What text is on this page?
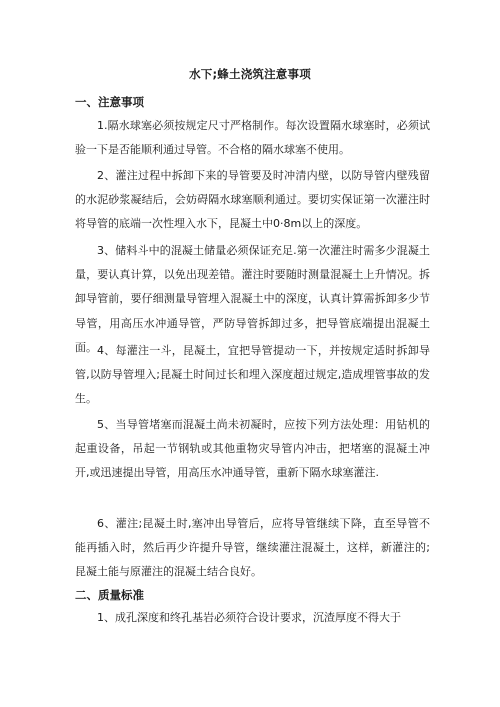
水下;蜂土浇筑注意事项
一、注意事项
1.隔水球塞必须按规定尺寸严格制作。每次设置隔水球塞时，必须试验一下是否能顺利通过导管。不合格的隔水球塞不使用。
2、灌注过程中拆卸下来的导管要及时冲清内壁，以防导管内壁残留的水泥砂浆凝结后，会妨碍隔水球塞顺利通过。要切实保证第一次灌注时将导管的底端一次性埋入水下，昆凝土中0·8m以上的深度。
3、储料斗中的混凝土储量必须保证充足.第一次灌注时需多少混凝土量，要认真计算，以免出现差错。灌注时要随时测量混凝土上升情况。拆卸导管前，要仔细测量导管埋入混凝土中的深度，认真计算需拆卸多少节导管，用高压水冲通导管，严防导管拆卸过多，把导管底端提出混凝土面。 4、每灌注一斗，昆凝土，宜把导管提动一下，并按规定适时拆卸导管,以防导管埋入;昆凝土时间过长和埋入深度超过规定,造成埋管事故的发生。
5、当导管堵塞而混凝土尚未初凝时，应按下列方法处理：用钻机的起重设备，吊起一节钢轨或其他重物灾导管内冲击，把堵塞的混凝土冲开,或迅速提出导管，用高压水冲通导管，重新下隔水球塞灌注.
6、灌注;昆凝土时,塞冲出导管后，应将导管继续下降，直至导管不能再插入时，然后再少许提升导管，继续灌注混凝土，这样，新灌注的;昆凝土能与原灌注的混凝土结合良好。
二、质量标准
1、成孔深度和终孔基岩必须符合设计要求，沉渣厚度不得大于
